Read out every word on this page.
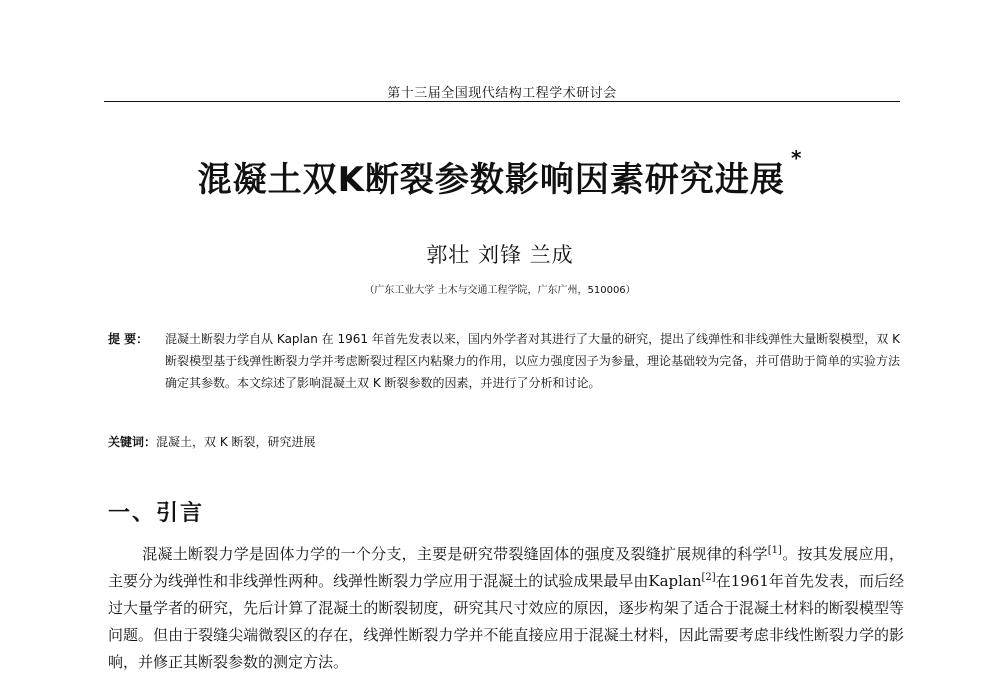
第十三届全国现代结构工程学术研讨会
混凝土双K断裂参数影响因素研究进展*
郭壮 刘锋 兰成
（广东工业大学 土木与交通工程学院，广东广州，510006）
提 要：	混凝土断裂力学自从 Kaplan 在 1961 年首先发表以来，国内外学者对其进行了大量的研究，提出了线弹性和非线弹性大量断裂模型，双 K 断裂模型基于线弹性断裂力学并考虑断裂过程区内粘聚力的作用，以应力强度因子为参量，理论基础较为完备，并可借助于简单的实验方法确定其参数。本文综述了影响混凝土双 K 断裂参数的因素，并进行了分析和讨论。
关键词：混凝土，双 K 断裂，研究进展
一、引言
混凝土断裂力学是固体力学的一个分支，主要是研究带裂缝固体的强度及裂缝扩展规律的科学[1]。按其发展应用，主要分为线弹性和非线弹性两种。线弹性断裂力学应用于混凝土的试验成果最早由Kaplan[2]在1961年首先发表，而后经过大量学者的研究，先后计算了混凝土的断裂韧度，研究其尺寸效应的原因，逐步构架了适合于混凝土材料的断裂模型等问题。但由于裂缝尖端微裂区的存在，线弹性断裂力学并不能直接应用于混凝土材料，因此需要考虑非线性断裂力学的影响，并修正其断裂参数的测定方法。
